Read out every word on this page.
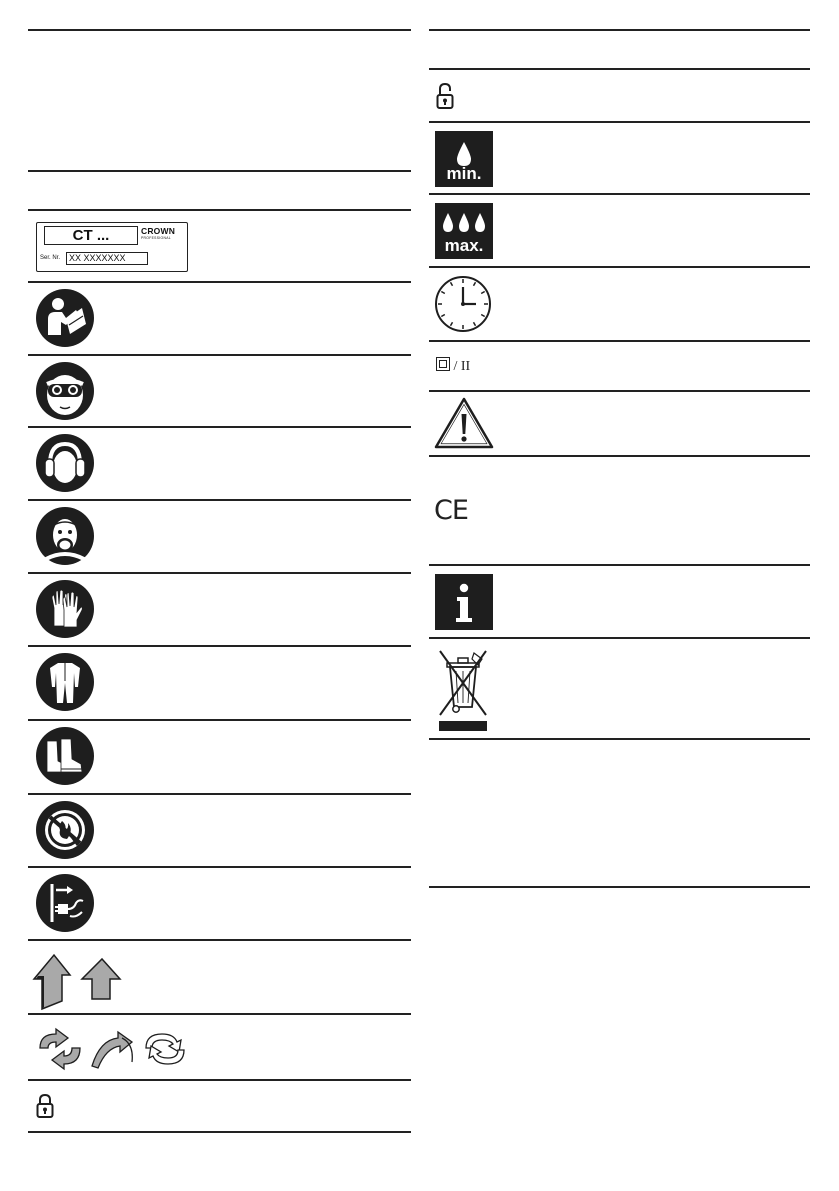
CT ...	CROWN
PROFESSIONAL
Ser. Nr. XX XXXXXXX
min.
max.
/ II
CE
